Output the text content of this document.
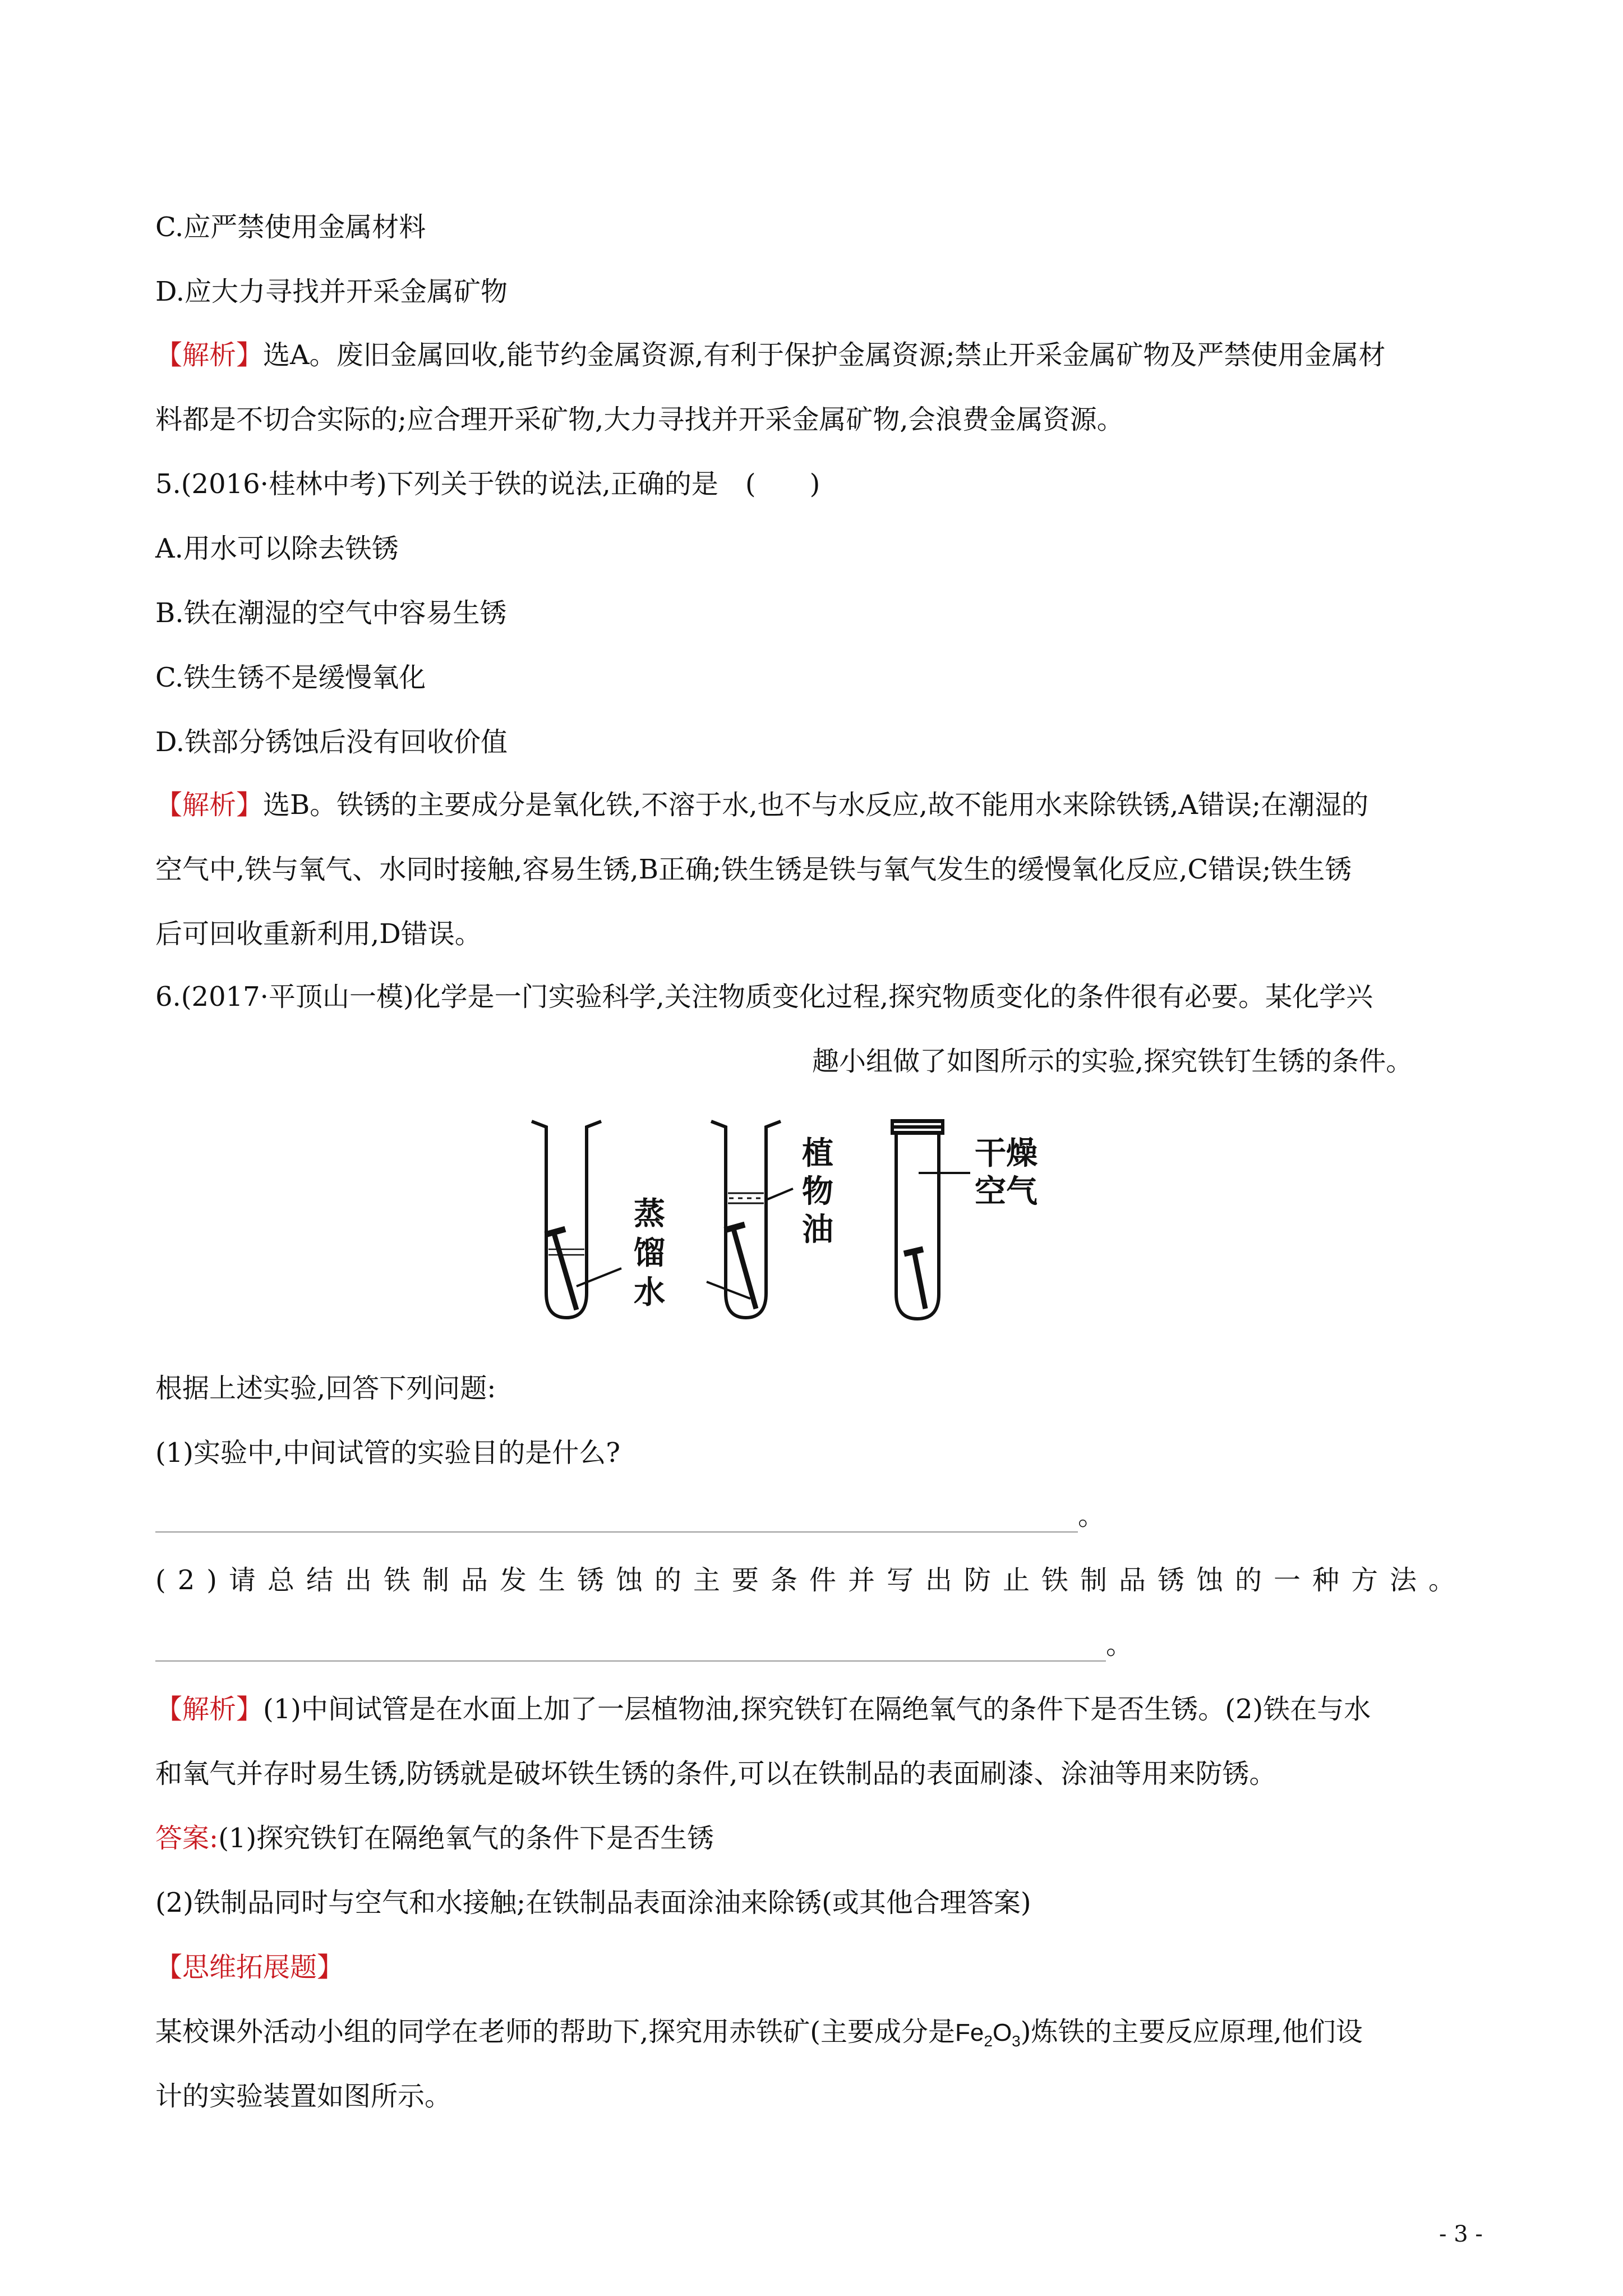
C.应严禁使用金属材料
D.应大力寻找并开采金属矿物
【解析】选A。废旧金属回收,能节约金属资源,有利于保护金属资源;禁止开采金属矿物及严禁使用金属材
料都是不切合实际的;应合理开采矿物,大力寻找并开采金属矿物,会浪费金属资源。
5.(2016·桂林中考)下列关于铁的说法,正确的是　(　　)
A.用水可以除去铁锈
B.铁在潮湿的空气中容易生锈
C.铁生锈不是缓慢氧化
D.铁部分锈蚀后没有回收价值
【解析】选B。铁锈的主要成分是氧化铁,不溶于水,也不与水反应,故不能用水来除铁锈,A错误;在潮湿的
空气中,铁与氧气、水同时接触,容易生锈,B正确;铁生锈是铁与氧气发生的缓慢氧化反应,C错误;铁生锈
后可回收重新利用,D错误。
6.(2017·平顶山一模)化学是一门实验科学,关注物质变化过程,探究物质变化的条件很有必要。某化学兴
趣小组做了如图所示的实验,探究铁钉生锈的条件。
蒸
馏
水
植
物
油
干燥
空气
根据上述实验,回答下列问题:
(1)实验中,中间试管的实验目的是什么?
。
(2)请总结出铁制品发生锈蚀的主要条件并写出防止铁制品锈蚀的一种方法。
。
【解析】(1)中间试管是在水面上加了一层植物油,探究铁钉在隔绝氧气的条件下是否生锈。(2)铁在与水
和氧气并存时易生锈,防锈就是破坏铁生锈的条件,可以在铁制品的表面刷漆、涂油等用来防锈。
答案:(1)探究铁钉在隔绝氧气的条件下是否生锈
(2)铁制品同时与空气和水接触;在铁制品表面涂油来除锈(或其他合理答案)
【思维拓展题】
某校课外活动小组的同学在老师的帮助下,探究用赤铁矿(主要成分是$Fe_2O_3$)炼铁的主要反应原理,他们设
计的实验装置如图所示。
- 3 -
